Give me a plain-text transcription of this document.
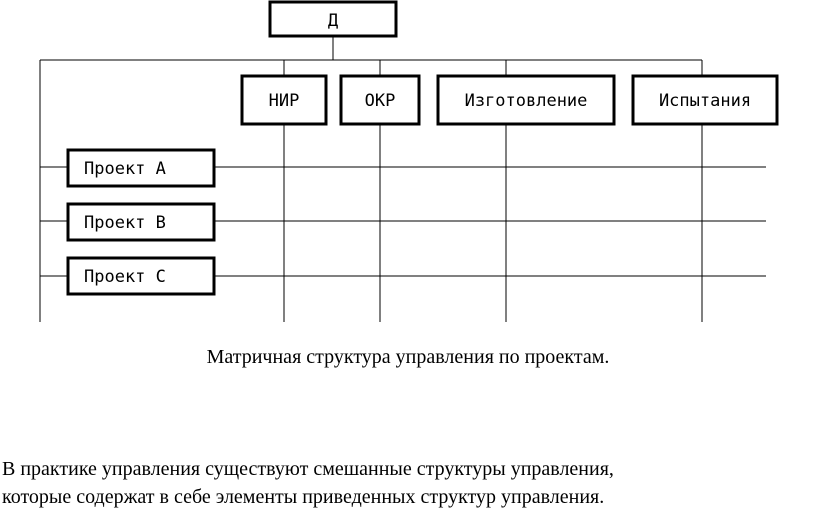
Д
НИР	ОКР	Изготовление	Испытания
Проект A
Проект B
Проект C
Матричная структура управления по проектам.
В практике управления существуют смешанные структуры управления,
которые содержат в себе элементы приведенных структур управления.
